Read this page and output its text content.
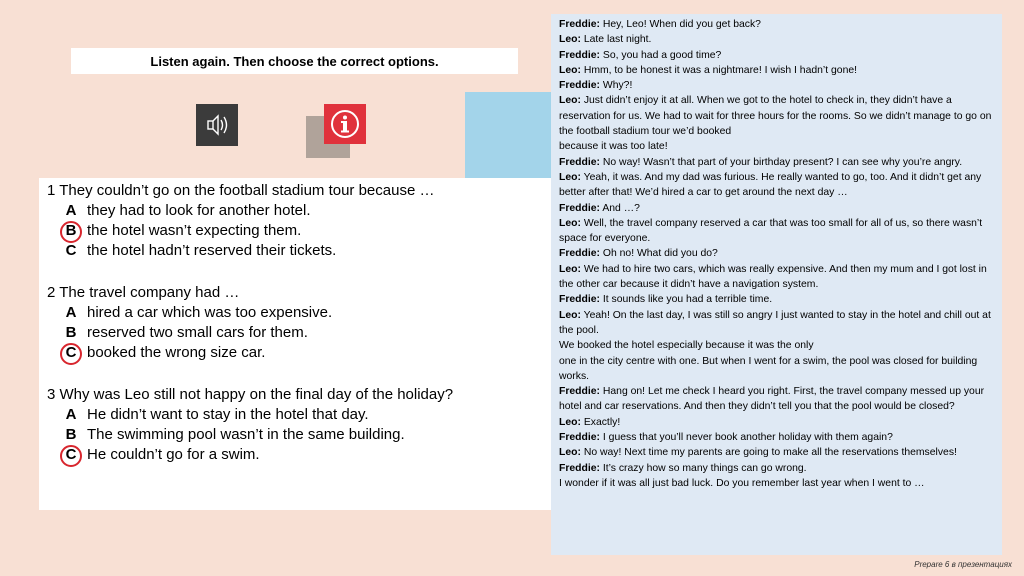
Listen again. Then choose the correct options.
1 They couldn’t go on the football stadium tour because …
A they had to look for another hotel.
B the hotel wasn’t expecting them.
C the hotel hadn’t reserved their tickets.
2 The travel company had …
A hired a car which was too expensive.
B reserved two small cars for them.
C booked the wrong size car.
3 Why was Leo still not happy on the final day of the holiday?
A He didn’t want to stay in the hotel that day.
B The swimming pool wasn’t in the same building.
C He couldn’t go for a swim.

Freddie: Hey, Leo! When did you get back?

Leo: Late last night.

Freddie: So, you had a good time?

Leo: Hmm, to be honest it was a nightmare! I wish I hadn’t gone!

Freddie: Why?!

Leo: Just didn’t enjoy it at all. When we got to the hotel to check in, they didn’t have a reservation for us. We had to wait for three hours for the rooms. So we didn’t manage to go on the football stadium tour we’d booked

because it was too late!

Freddie: No way! Wasn’t that part of your birthday present? I can see why you’re angry.

Leo: Yeah, it was. And my dad was furious. He really wanted to go, too. And it didn’t get any better after that! We’d hired a car to get around the next day …

Freddie: And …?

Leo: Well, the travel company reserved a car that was too small for all of us, so there wasn’t space for everyone.

Freddie: Oh no! What did you do?

Leo: We had to hire two cars, which was really expensive. And then my mum and I got lost in the other car because it didn’t have a navigation system.

Freddie: It sounds like you had a terrible time.

Leo: Yeah! On the last day, I was still so angry I just wanted to stay in the hotel and chill out at the pool.

We booked the hotel especially because it was the only

one in the city centre with one. But when I went for a swim, the pool was closed for building works.

Freddie: Hang on! Let me check I heard you right. First, the travel company messed up your hotel and car reservations. And then they didn’t tell you that the pool would be closed?

Leo: Exactly!

Freddie: I guess that you’ll never book another holiday with them again?

Leo: No way! Next time my parents are going to make all the reservations themselves!

Freddie: It’s crazy how so many things can go wrong.

I wonder if it was all just bad luck. Do you remember last year when I went to …

Prepare 6 в презентациях
